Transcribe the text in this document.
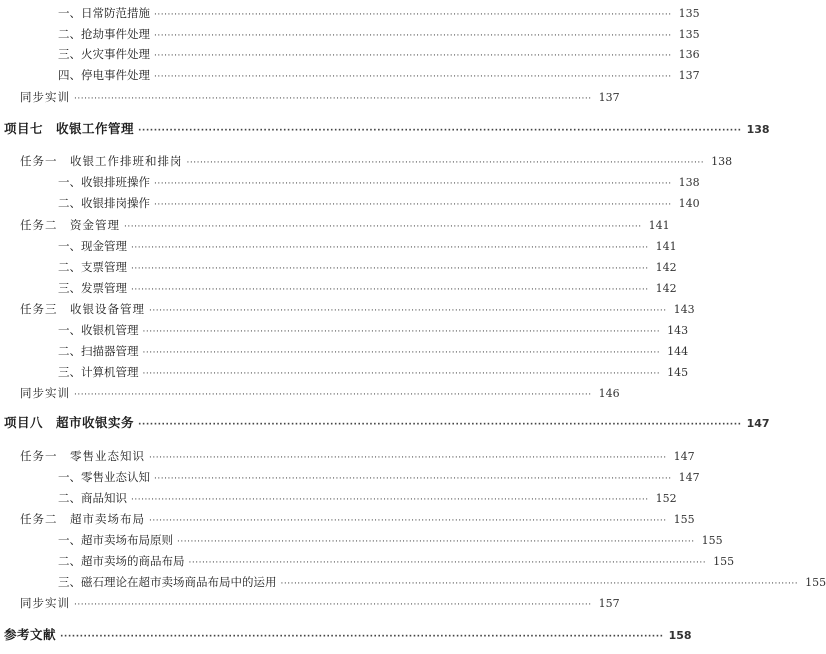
一、日常防范措施 ·························································································································································· 135
二、抢劫事件处理 ·························································································································································· 135
三、火灾事件处理 ·························································································································································· 136
四、停电事件处理 ·························································································································································· 137
同步实训 ·························································································································································· 137
项目七　收银工作管理 ·························································································································································· 138
任务一　收银工作排班和排岗 ·························································································································································· 138
一、收银排班操作 ·························································································································································· 138
二、收银排岗操作 ·························································································································································· 140
任务二　资金管理 ·························································································································································· 141
一、现金管理 ·························································································································································· 141
二、支票管理 ·························································································································································· 142
三、发票管理 ·························································································································································· 142
任务三　收银设备管理 ·························································································································································· 143
一、收银机管理 ·························································································································································· 143
二、扫描器管理 ·························································································································································· 144
三、计算机管理 ·························································································································································· 145
同步实训 ·························································································································································· 146
项目八　超市收银实务 ·························································································································································· 147
任务一　零售业态知识 ·························································································································································· 147
一、零售业态认知 ·························································································································································· 147
二、商品知识 ·························································································································································· 152
任务二　超市卖场布局 ·························································································································································· 155
一、超市卖场布局原则 ·························································································································································· 155
二、超市卖场的商品布局 ·························································································································································· 155
三、磁石理论在超市卖场商品布局中的运用 ·························································································································································· 155
同步实训 ·························································································································································· 157
参考文献 ·························································································································································· 158
